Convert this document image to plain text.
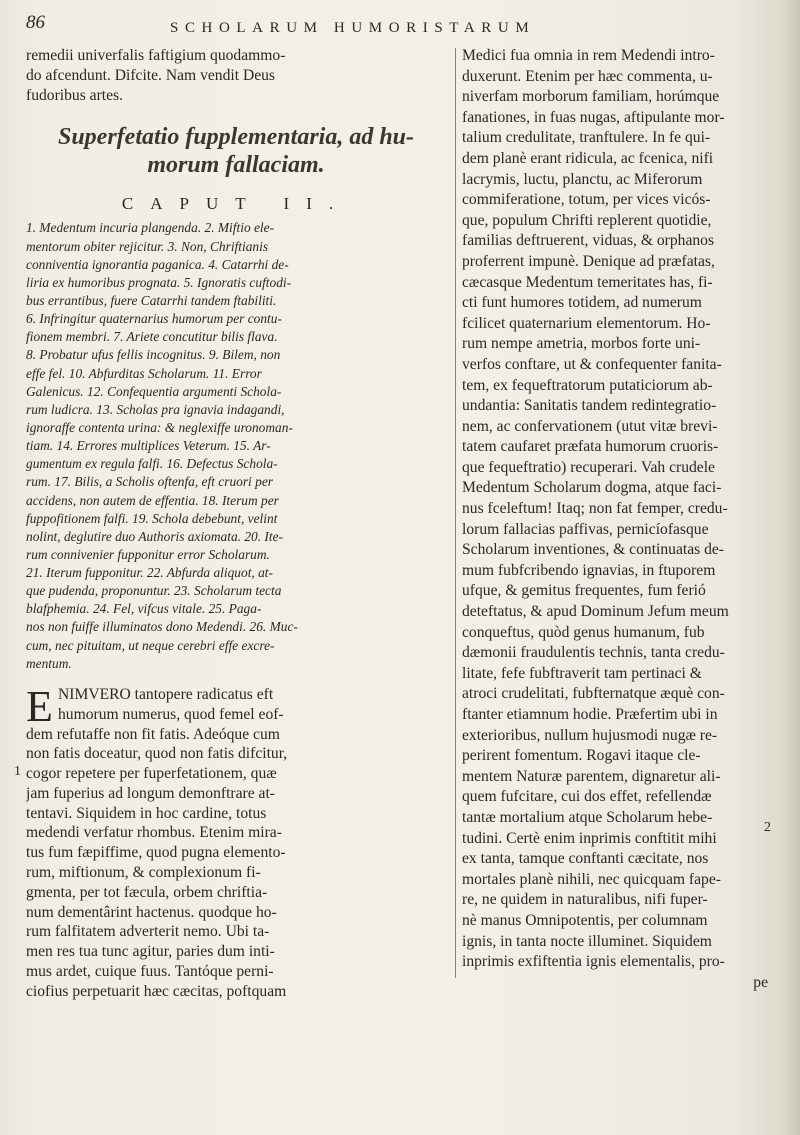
86	SCHOLARUM HUMORISTARUM
remedii univerfalis faftigium quodammo-
do afcendunt. Difcite. Nam vendit Deus
fudoribus artes.
Superfetatio fupplementaria, ad hu-
morum fallaciam.
CAPUT II.
1. Medentum incuria plangenda. 2. Miftio ele-
mentorum obiter rejicitur. 3. Non, Chriftianis
conniventia ignorantia paganica. 4. Catarrhi de-
liria ex humoribus prognata. 5. Ignoratis cuftodi-
bus errantibus, fuere Catarrhi tandem ftabiliti.
6. Infringitur quaternarius humorum per contu-
fionem membri. 7. Ariete concutitur bilis flava.
8. Probatur ufus fellis incognitus. 9. Bilem, non
effe fel. 10. Abfurditas Scholarum. 11. Error
Galenicus. 12. Confequentia argumenti Schola-
rum ludicra. 13. Scholas pra ignavia indagandi,
ignoraffe contenta urina: & neglexiffe uronoman-
tiam. 14. Errores multiplices Veterum. 15. Ar-
gumentum ex regula falfi. 16. Defectus Schola-
rum. 17. Bilis, a Scholis oftenfa, eft cruori per
accidens, non autem de effentia. 18. Iterum per
fuppofitionem falfi. 19. Schola debebunt, velint
nolint, deglutire duo Authoris axiomata. 20. Ite-
rum connivenier fupponitur error Scholarum.
21. Iterum fupponitur. 22. Abfurda aliquot, at-
que pudenda, proponuntur. 23. Scholarum tecta
blafphemia. 24. Fel, vifcus vitale. 25. Paga-
nos non fuiffe illuminatos dono Medendi. 26. Muc-
cum, nec pituitam, ut neque cerebri effe excre-
mentum.
E NIMVERO tantopere radicatus eft
humorum numerus, quod femel eof-
dem refutaffe non fit fatis. Adeóque cum
non fatis doceatur, quod non fatis difcitur,
cogor repetere per fuperfetationem, quæ
jam fuperius ad longum demonftrare at-
tentavi. Siquidem in hoc cardine, totus
medendi verfatur rhombus. Etenim mira-
tus fum fæpiffime, quod pugna elemento-
rum, miftionum, & complexionum fi-
gmenta, per tot fæcula, orbem chriftia-
num dementârint hactenus. quodque ho-
rum falfitatem adverterit nemo. Ubi ta-
men res tua tunc agitur, paries dum inti-
mus ardet, cuique fuus. Tantóque perni-
ciofius perpetuarit hæc cæcitas, poftquam
1
Medici fua omnia in rem Medendi intro-
duxerunt. Etenim per hæc commenta, u-
niverfam morborum familiam, horúmque
fanationes, in fuas nugas, aftipulante mor-
talium credulitate, tranftulere. In fe qui-
dem planè erant ridicula, ac fcenica, nifi
lacrymis, luctu, planctu, ac Miferorum
commiferatione, totum, per vices vicós-
que, populum Chrifti replerent quotidie,
familias deftruerent, viduas, & orphanos
proferrent impunè. Denique ad præfatas,
cæcasque Medentum temeritates has, fi-
cti funt humores totidem, ad numerum
fcilicet quaternarium elementorum. Ho-
rum nempe ametria, morbos forte uni-
verfos conftare, ut & confequenter fanita-
tem, ex fequeftratorum putaticiorum ab-
undantia: Sanitatis tandem redintegratio-
nem, ac confervationem (utut vitæ brevi-
tatem caufaret præfata humorum cruoris-
que fequeftratio) recuperari. Vah crudele
Medentum Scholarum dogma, atque faci-
nus fceleftum! Itaq; non fat femper, credu-
lorum fallacias paffivas, pernicíofasque
Scholarum inventiones, & continuatas de-
mum fubfcribendo ignavias, in ftuporem
ufque, & gemitus frequentes, fum ferió
deteftatus, & apud Dominum Jefum meum
conqueftus, quòd genus humanum, fub
dæmonii fraudulentis technis, tanta credu-
litate, fefe fubftraverit tam pertinaci &
atroci crudelitati, fubfternatque æquè con-
ftanter etiamnum hodie. Præfertim ubi in
exterioribus, nullum hujusmodi nugæ re-
perirent fomentum. Rogavi itaque cle-
mentem Naturæ parentem, dignaretur ali-
quem fufcitare, cui dos effet, refellendæ
tantæ mortalium atque Scholarum hebe-
tudini. Certè enim inprimis conftitit mihi
ex tanta, tamque conftanti cæcitate, nos
mortales planè nihili, nec quicquam fape-
re, ne quidem in naturalibus, nifi fuper-
nè manus Omnipotentis, per columnam
ignis, in tanta nocte illuminet. Siquidem
inprimis exfiftentia ignis elementalis, pro-
pe
2
